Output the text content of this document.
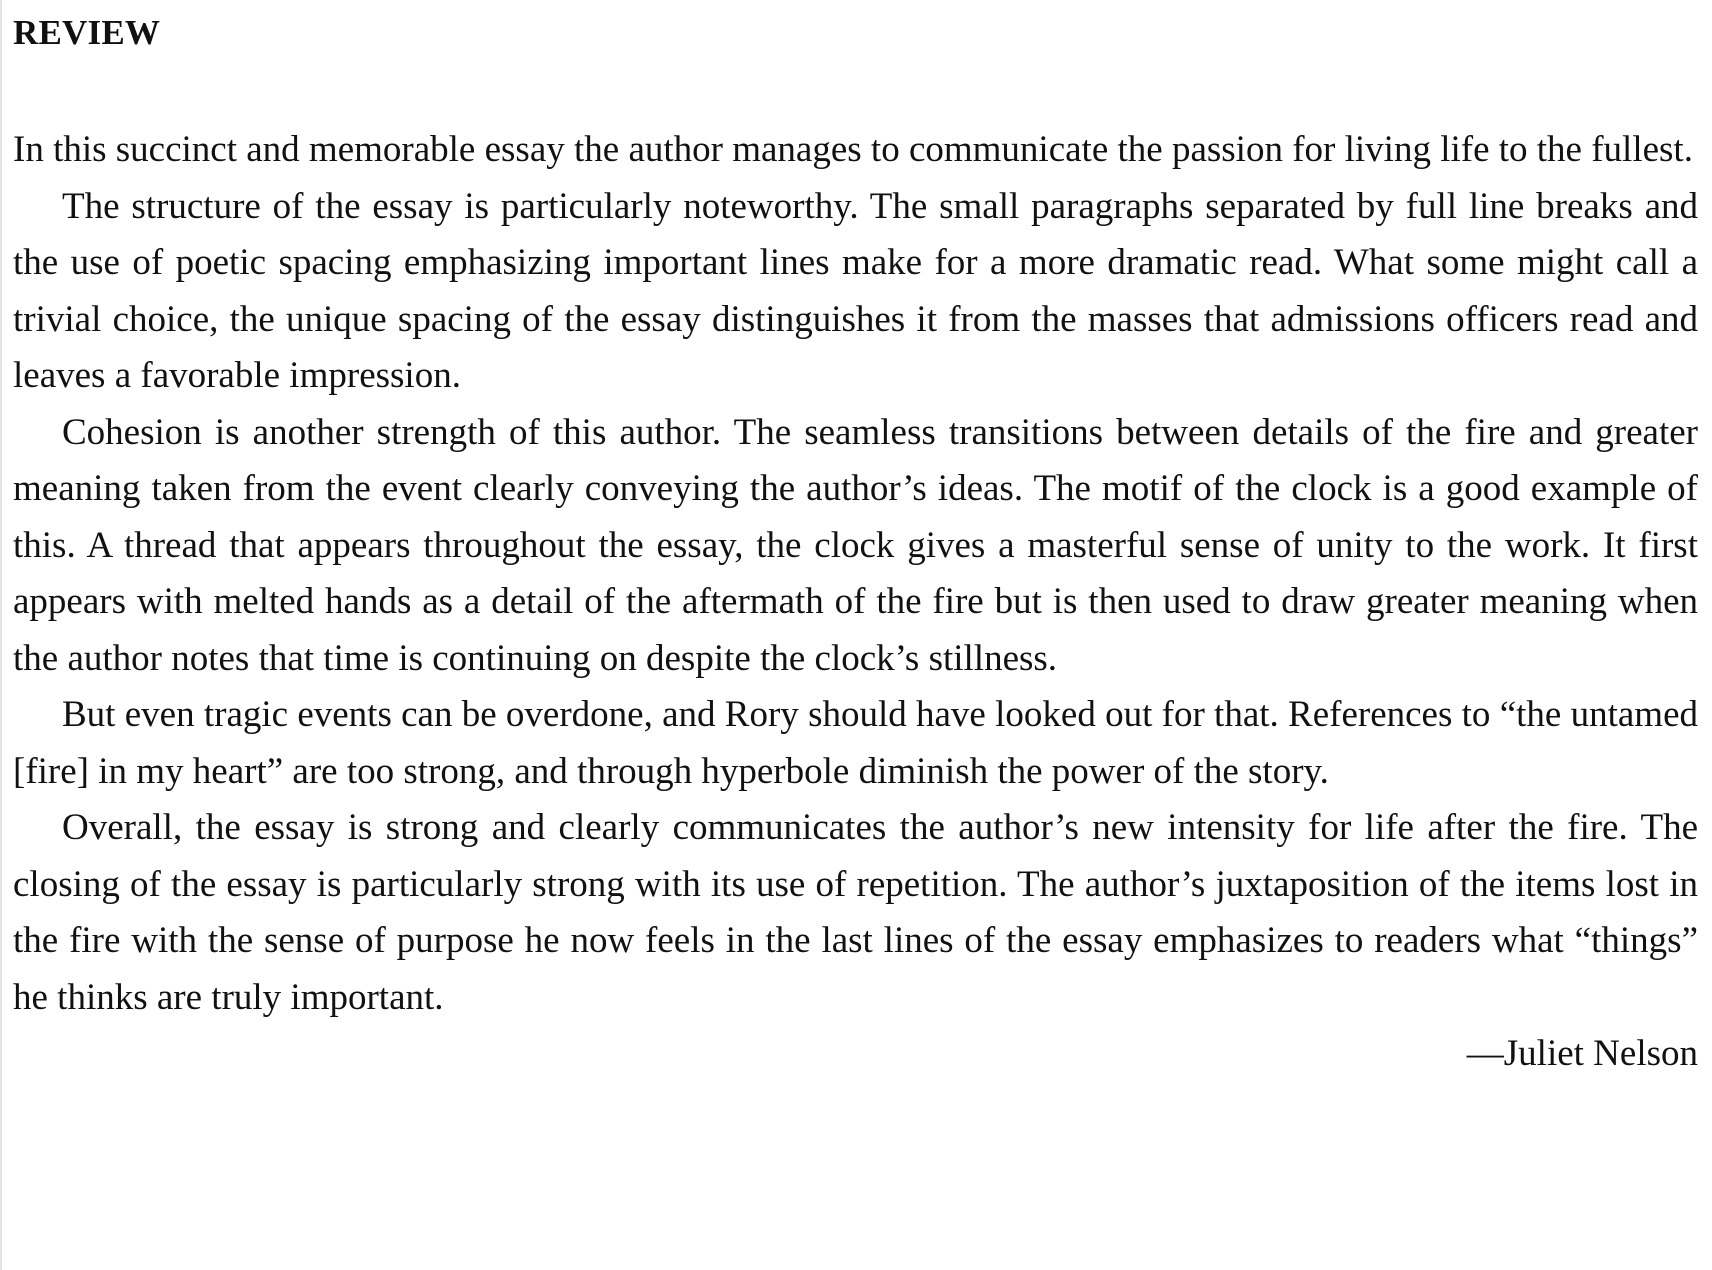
REVIEW

In this succinct and memorable essay the author manages to communicate the passion for living life to the fullest.

The structure of the essay is particularly noteworthy. The small paragraphs separated by full line breaks and the use of poetic spacing emphasizing important lines make for a more dramatic read. What some might call a trivial choice, the unique spacing of the essay distinguishes it from the masses that admissions officers read and leaves a favorable impression.

Cohesion is another strength of this author. The seamless transitions between details of the fire and greater meaning taken from the event clearly conveying the author’s ideas. The motif of the clock is a good example of this. A thread that appears throughout the essay, the clock gives a masterful sense of unity to the work. It first appears with melted hands as a detail of the aftermath of the fire but is then used to draw greater meaning when the author notes that time is continuing on despite the clock’s stillness.

But even tragic events can be overdone, and Rory should have looked out for that. References to “the untamed [fire] in my heart” are too strong, and through hyperbole diminish the power of the story.

Overall, the essay is strong and clearly communicates the author’s new intensity for life after the fire. The closing of the essay is particularly strong with its use of repetition. The author’s juxtaposition of the items lost in the fire with the sense of purpose he now feels in the last lines of the essay emphasizes to readers what “things” he thinks are truly important.

—Juliet Nelson
